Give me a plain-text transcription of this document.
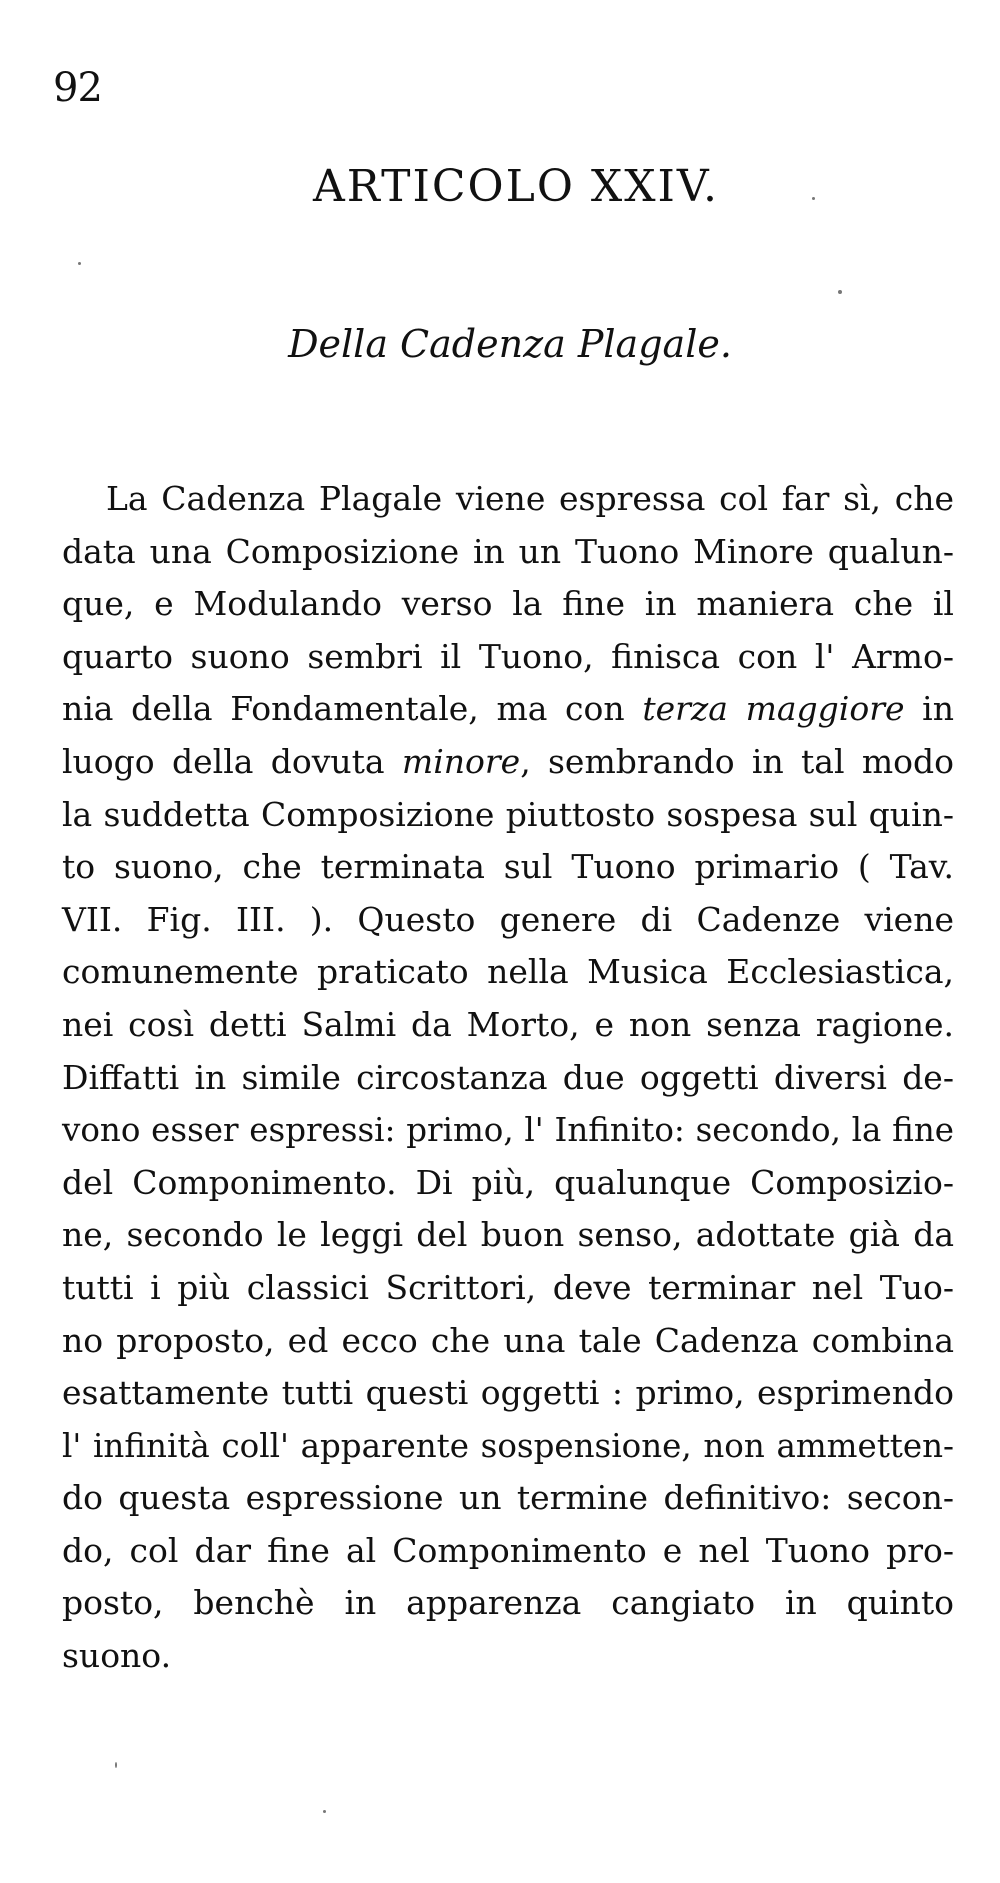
92
ARTICOLO XXIV.
Della Cadenza Plagale.
La Cadenza Plagale viene espressa col far sì, che
data una Composizione in un Tuono Minore qualun-
que, e Modulando verso la fine in maniera che il
quarto suono sembri il Tuono, finisca con l' Armo-
nia della Fondamentale, ma con terza maggiore in
luogo della dovuta minore, sembrando in tal modo
la suddetta Composizione piuttosto sospesa sul quin-
to suono, che terminata sul Tuono primario ( Tav.
VII. Fig. III. ). Questo genere di Cadenze viene
comunemente praticato nella Musica Ecclesiastica,
nei così detti Salmi da Morto, e non senza ragione.
Diffatti in simile circostanza due oggetti diversi de-
vono esser espressi: primo, l' Infinito: secondo, la fine
del Componimento. Di più, qualunque Composizio-
ne, secondo le leggi del buon senso, adottate già da
tutti i più classici Scrittori, deve terminar nel Tuo-
no proposto, ed ecco che una tale Cadenza combina
esattamente tutti questi oggetti : primo, esprimendo
l' infinità coll' apparente sospensione, non ammetten-
do questa espressione un termine definitivo: secon-
do, col dar fine al Componimento e nel Tuono pro-
posto, benchè in apparenza cangiato in quinto
suono.
